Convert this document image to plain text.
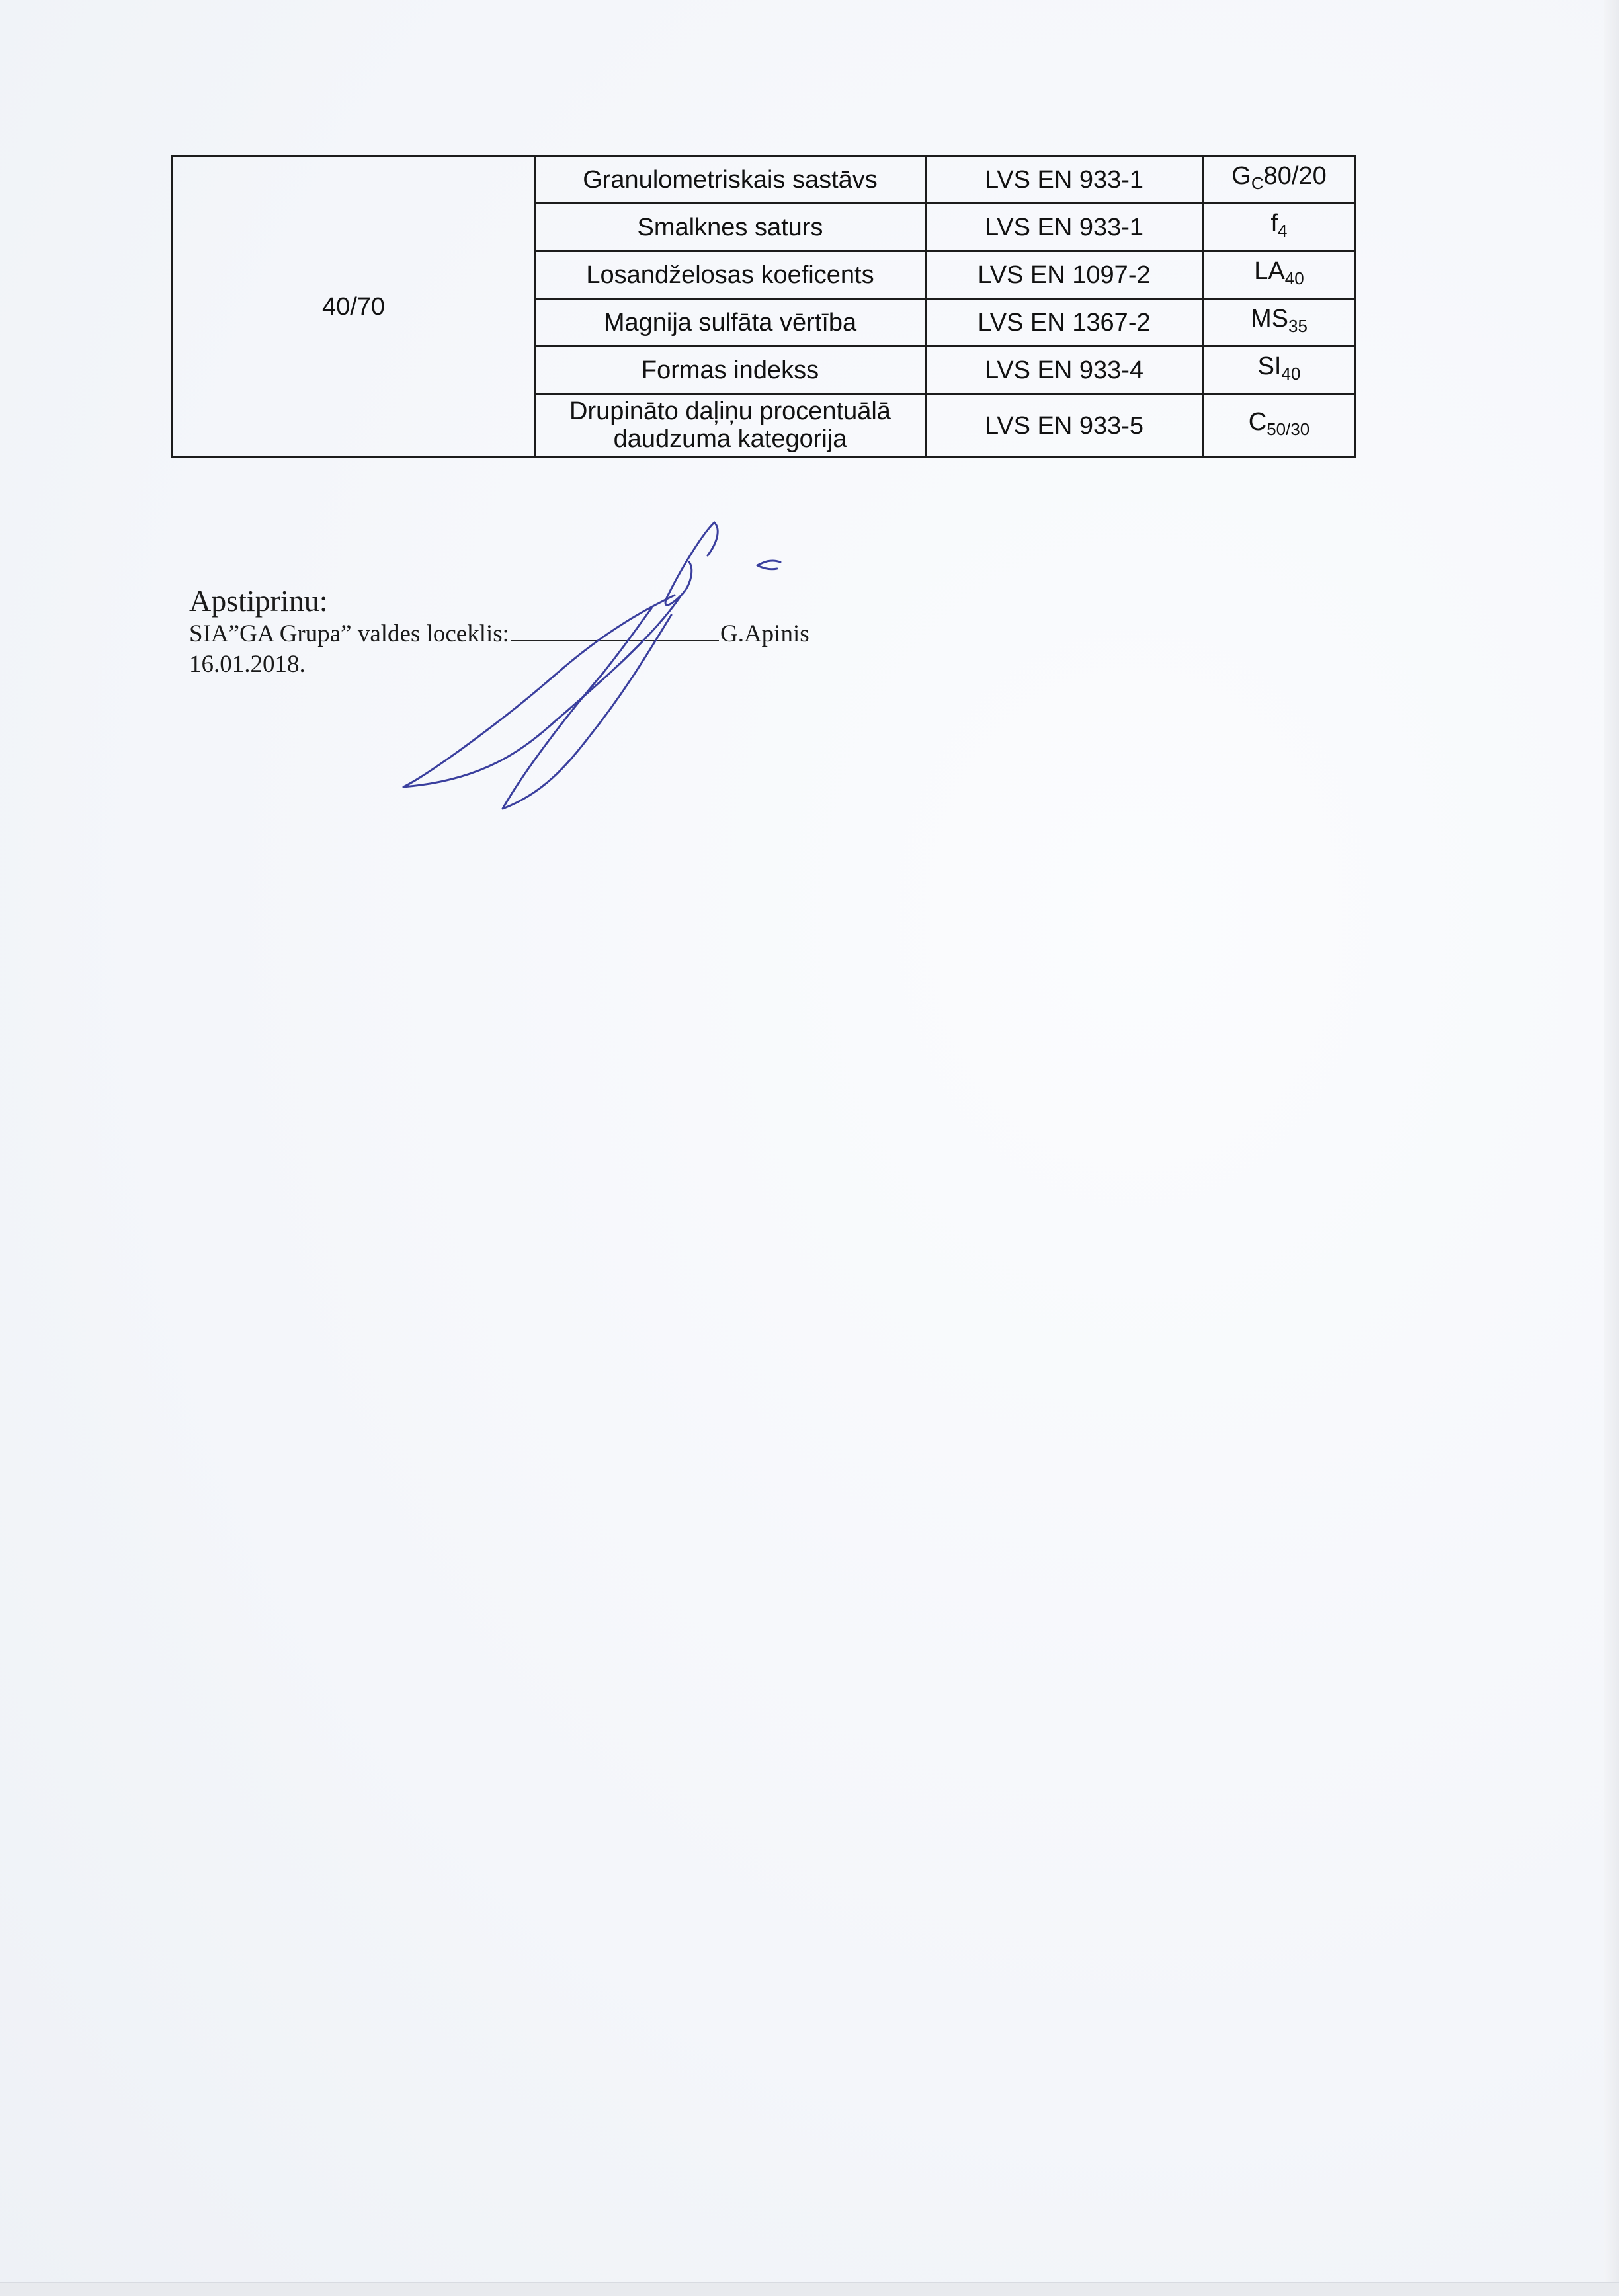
40/70	Granulometriskais sastāvs	LVS EN 933-1	$G_C80/20$
	Smalknes saturs	LVS EN 933-1	$f_4$
	Losandželosas koeficents	LVS EN 1097-2	$LA_{40}$
	Magnija sulfāta vērtība	LVS EN 1367-2	$MS_{35}$
	Formas indekss	LVS EN 933-4	$SI_{40}$
	Drupināto daļiņu procentuālā daudzuma kategorija	LVS EN 933-5	$C_{50/30}$
Apstiprinu:
SIA”GA Grupa” valdes loceklis:	G.Apinis
16.01.2018.
